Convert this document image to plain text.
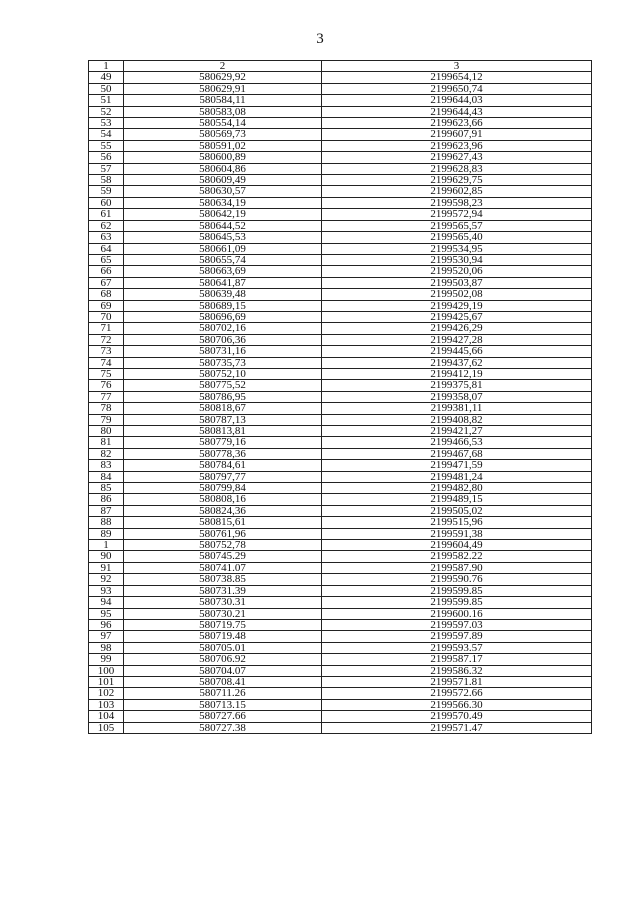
3
1	2	3
49	580629,92	2199654,12
50	580629,91	2199650,74
51	580584,11	2199644,03
52	580583,08	2199644,43
53	580554,14	2199623,66
54	580569,73	2199607,91
55	580591,02	2199623,96
56	580600,89	2199627,43
57	580604,86	2199628,83
58	580609,49	2199629,75
59	580630,57	2199602,85
60	580634,19	2199598,23
61	580642,19	2199572,94
62	580644,52	2199565,57
63	580645,53	2199565,40
64	580661,09	2199534,95
65	580655,74	2199530,94
66	580663,69	2199520,06
67	580641,87	2199503,87
68	580639,48	2199502,08
69	580689,15	2199429,19
70	580696,69	2199425,67
71	580702,16	2199426,29
72	580706,36	2199427,28
73	580731,16	2199445,66
74	580735,73	2199437,62
75	580752,10	2199412,19
76	580775,52	2199375,81
77	580786,95	2199358,07
78	580818,67	2199381,11
79	580787,13	2199408,82
80	580813,81	2199421,27
81	580779,16	2199466,53
82	580778,36	2199467,68
83	580784,61	2199471,59
84	580797,77	2199481,24
85	580799,84	2199482,80
86	580808,16	2199489,15
87	580824,36	2199505,02
88	580815,61	2199515,96
89	580761,96	2199591,38
1	580752,78	2199604,49
90	580745.29	2199582.22
91	580741.07	2199587.90
92	580738.85	2199590.76
93	580731.39	2199599.85
94	580730.31	2199599.85
95	580730.21	2199600.16
96	580719.75	2199597.03
97	580719.48	2199597.89
98	580705.01	2199593.57
99	580706.92	2199587.17
100	580704.07	2199586.32
101	580708.41	2199571.81
102	580711.26	2199572.66
103	580713.15	2199566.30
104	580727.66	2199570.49
105	580727.38	2199571.47
